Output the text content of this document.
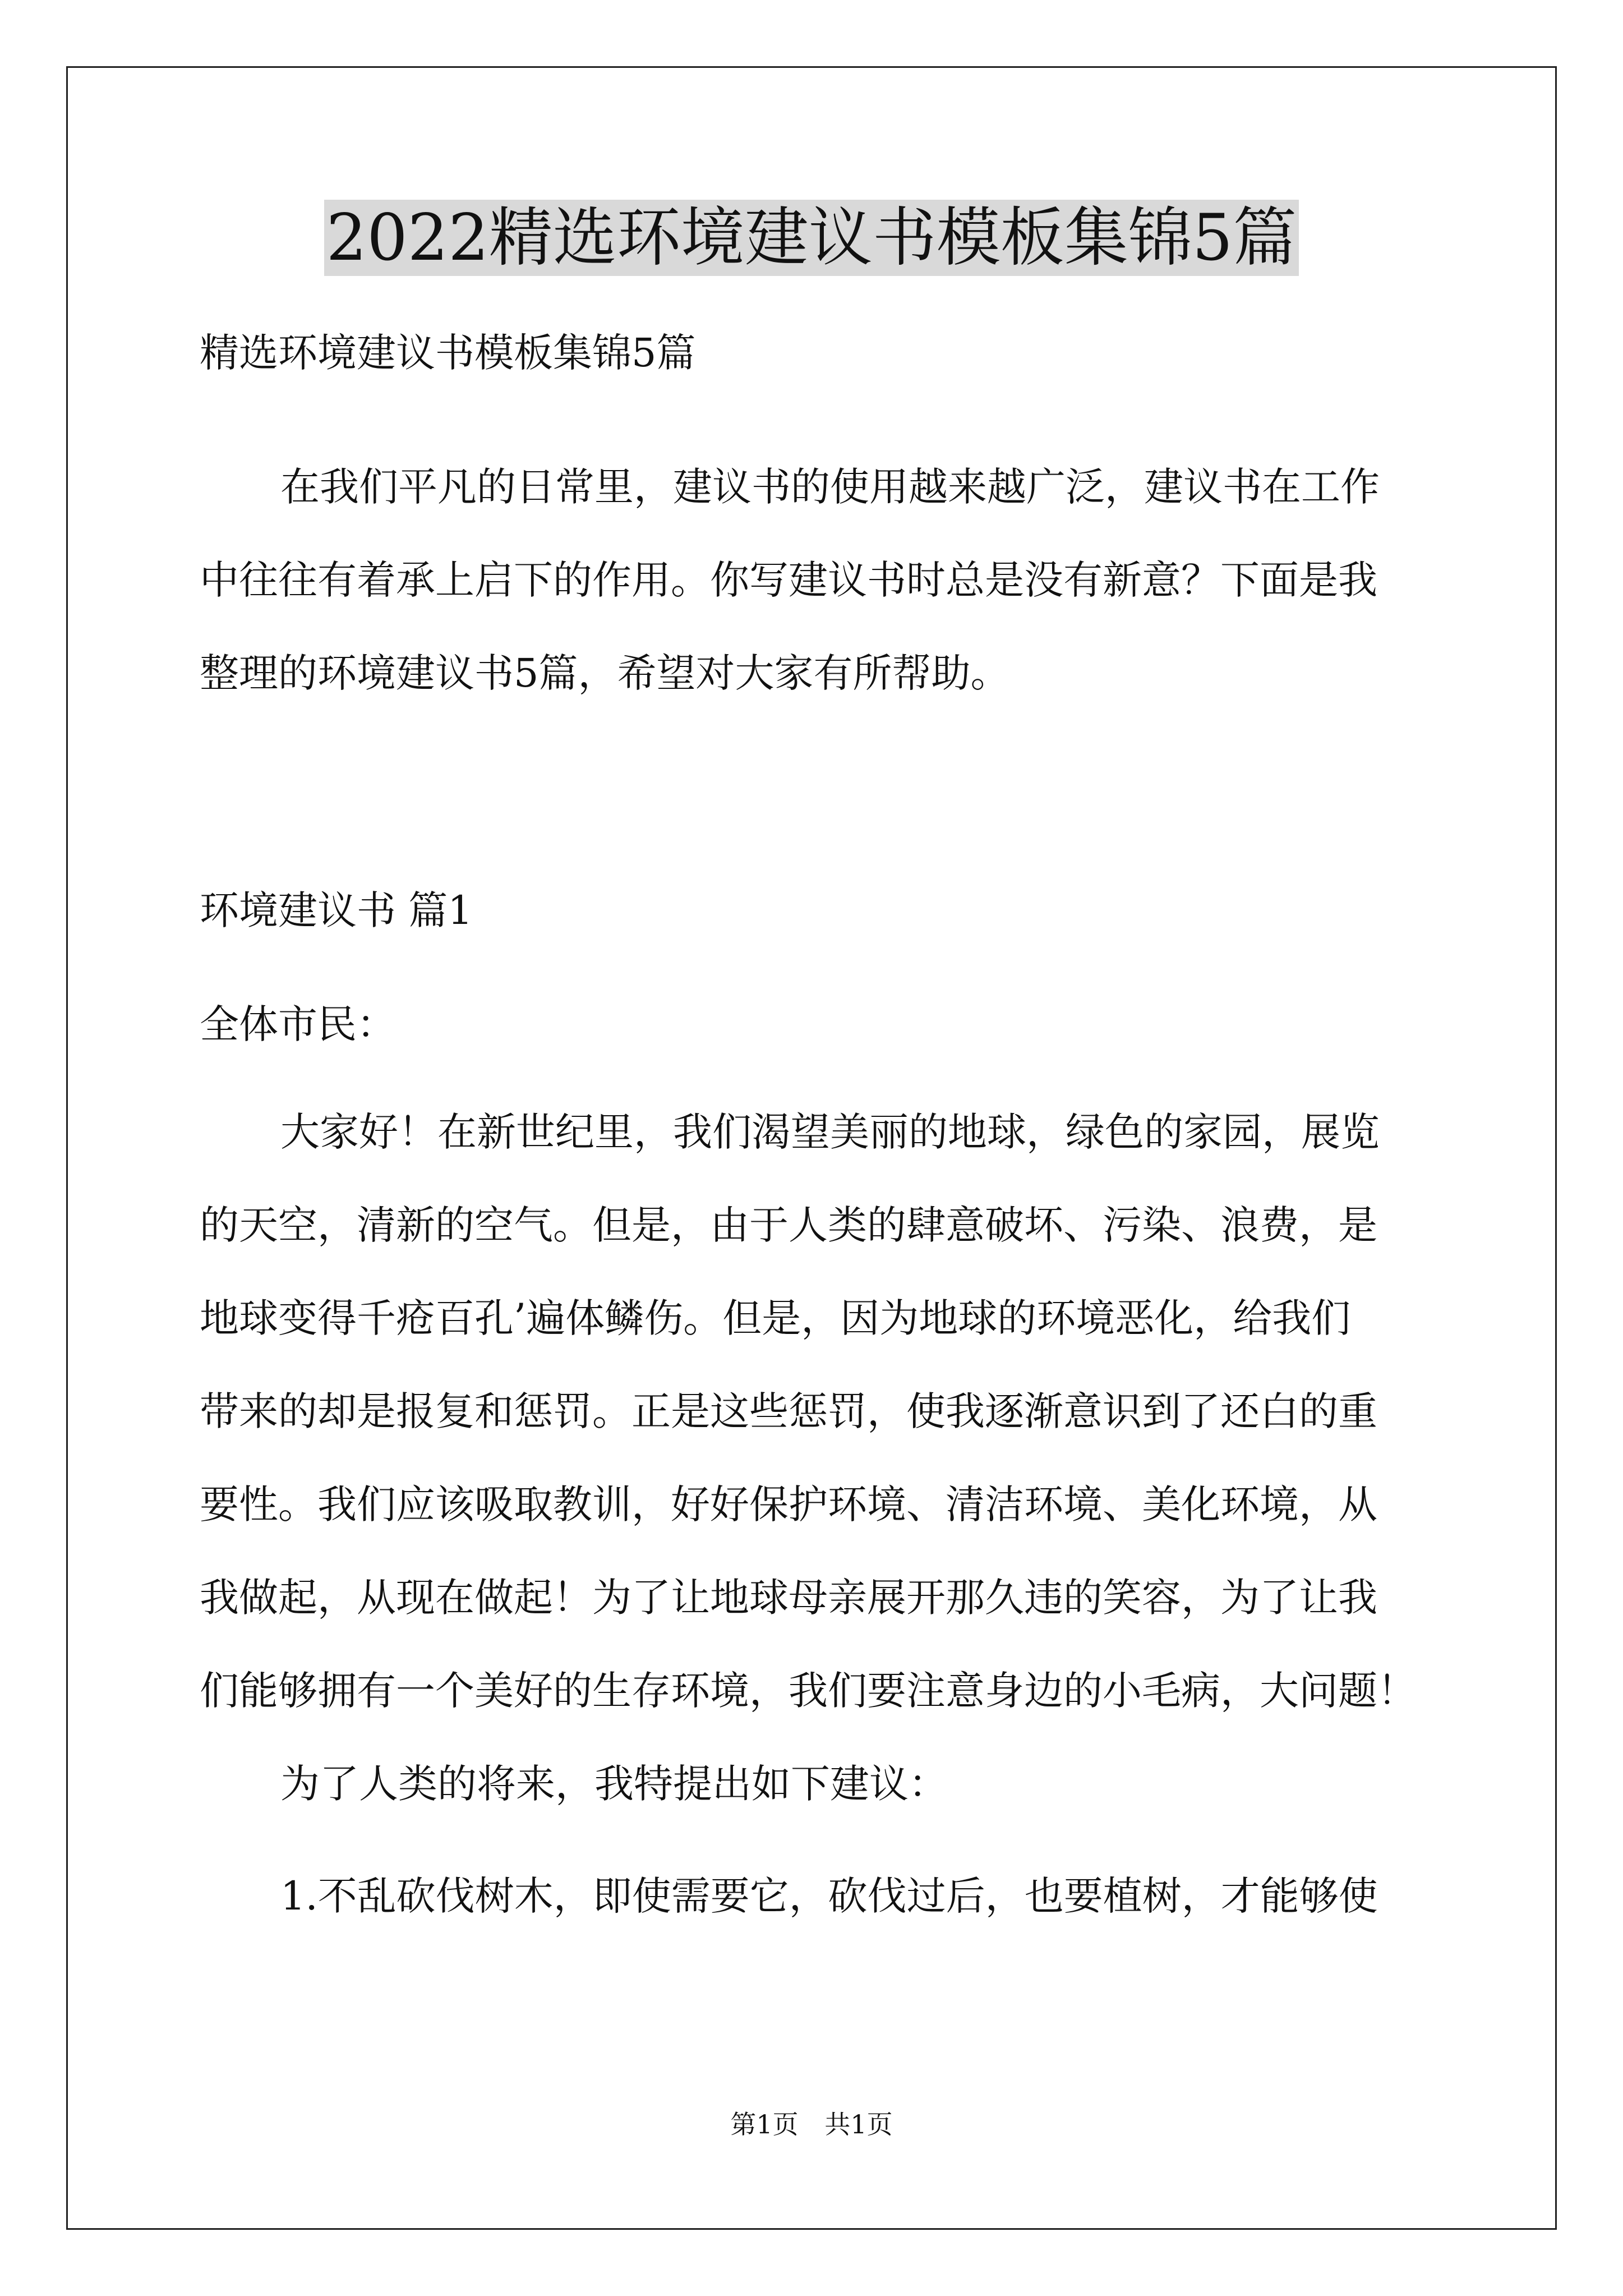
2022精选环境建议书模板集锦5篇

精选环境建议书模板集锦5篇

在我们平凡的日常里，建议书的使用越来越广泛，建议书在工作
中往往有着承上启下的作用。你写建议书时总是没有新意？下面是我
整理的环境建议书5篇，希望对大家有所帮助。

环境建议书 篇1

全体市民：

大家好！在新世纪里，我们渴望美丽的地球，绿色的家园，展览
的天空，清新的空气。但是，由于人类的肆意破坏、污染、浪费，是
地球变得千疮百孔’遍体鳞伤。但是，因为地球的环境恶化，给我们
带来的却是报复和惩罚。正是这些惩罚，使我逐渐意识到了还白的重
要性。我们应该吸取教训，好好保护环境、清洁环境、美化环境，从
我做起，从现在做起！为了让地球母亲展开那久违的笑容，为了让我
们能够拥有一个美好的生存环境，我们要注意身边的小毛病，大问题！

为了人类的将来，我特提出如下建议：

1.不乱砍伐树木，即使需要它，砍伐过后，也要植树，才能够使

第1页 共1页
